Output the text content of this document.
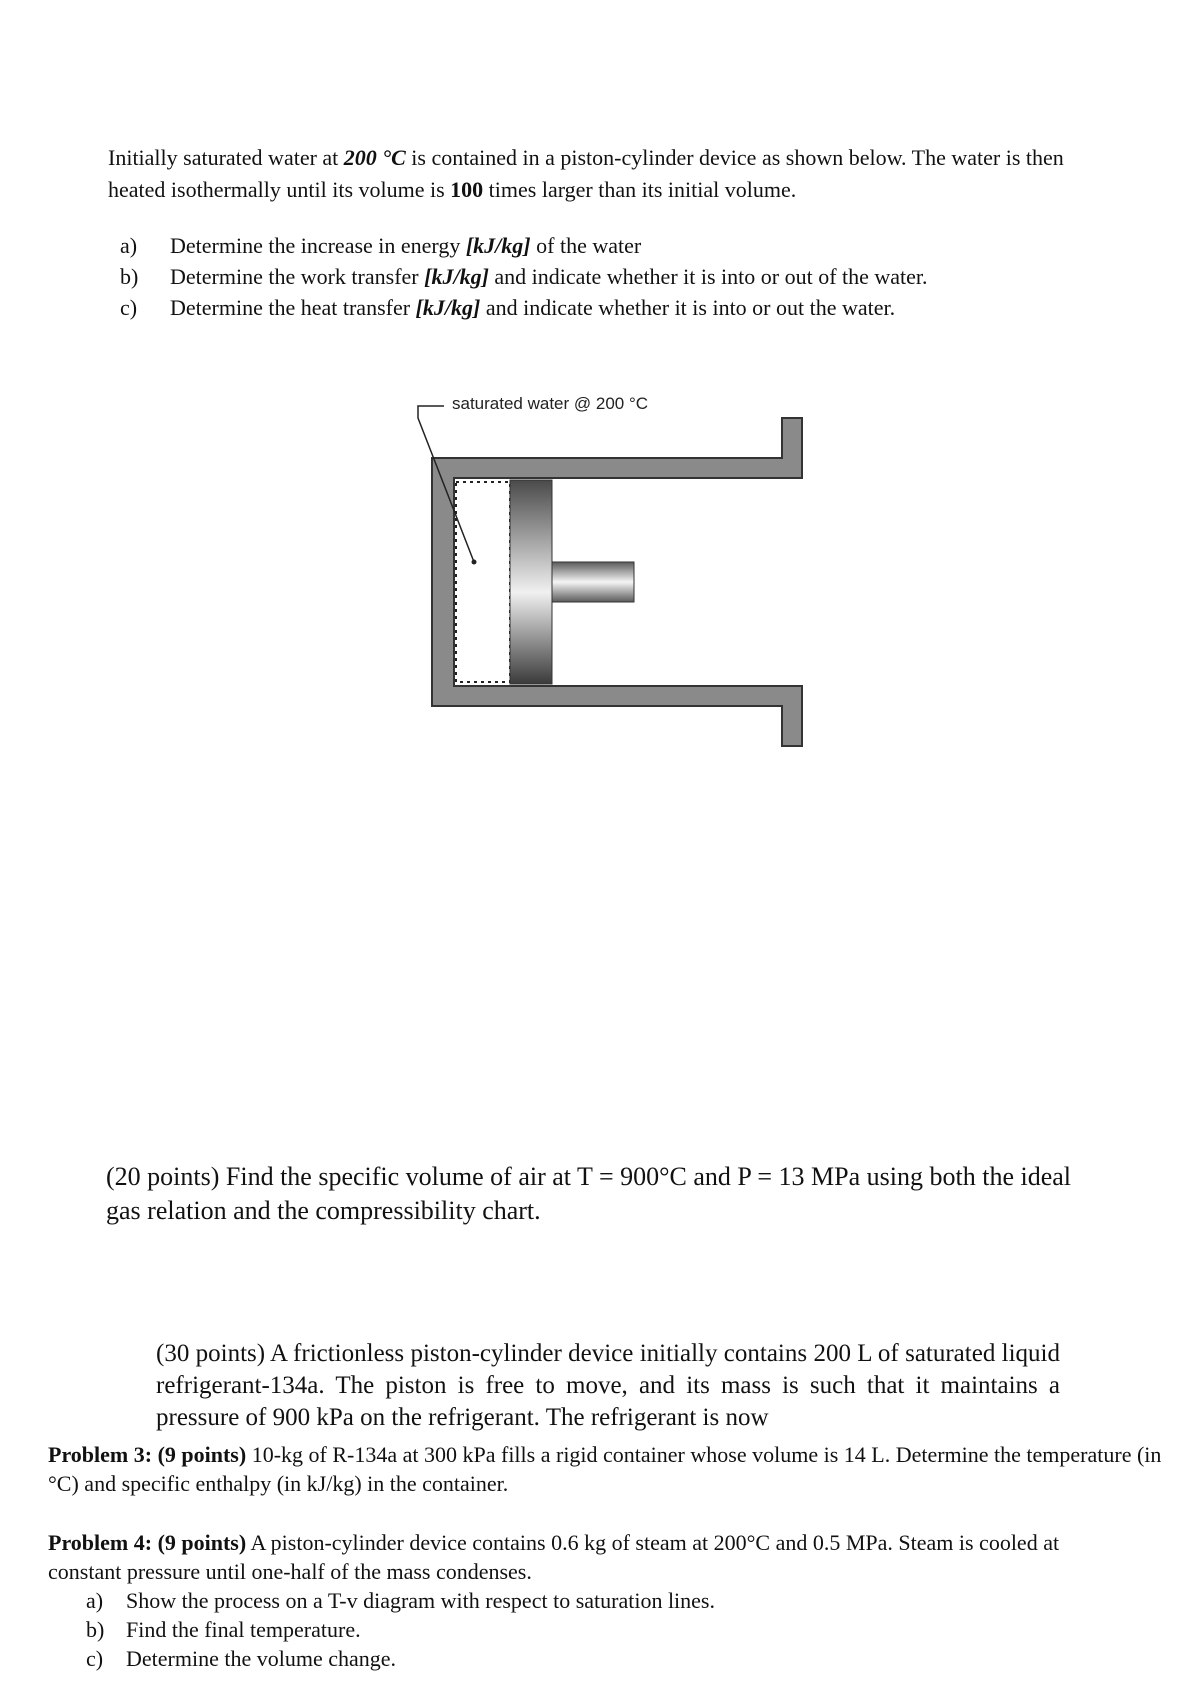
Initially saturated water at 200 °C is contained in a piston-cylinder device as shown below. The water is then heated isothermally until its volume is 100 times larger than its initial volume.
a) Determine the increase in energy [kJ/kg] of the water
b) Determine the work transfer [kJ/kg] and indicate whether it is into or out of the water.
c) Determine the heat transfer [kJ/kg] and indicate whether it is into or out the water.
saturated water @ 200 °C
(20 points) Find the specific volume of air at T = 900°C and P = 13 MPa using both the ideal gas relation and the compressibility chart.
(30 points) A frictionless piston-cylinder device initially contains 200 L of saturated liquid refrigerant-134a. The piston is free to move, and its mass is such that it maintains a pressure of 900 kPa on the refrigerant. The refrigerant is now
Problem 3: (9 points) 10-kg of R-134a at 300 kPa fills a rigid container whose volume is 14 L. Determine the temperature (in °C) and specific enthalpy (in kJ/kg) in the container.
Problem 4: (9 points) A piston-cylinder device contains 0.6 kg of steam at 200°C and 0.5 MPa. Steam is cooled at constant pressure until one-half of the mass condenses.
a) Show the process on a T-v diagram with respect to saturation lines.
b) Find the final temperature.
c) Determine the volume change.
